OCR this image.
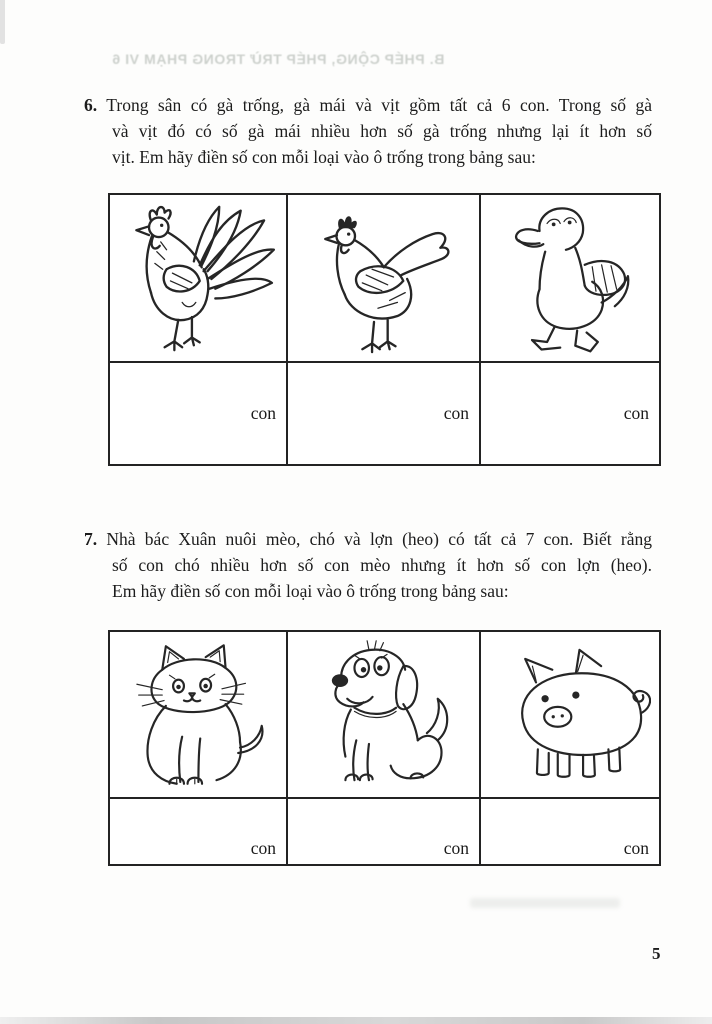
B. PHÉP CỘNG, PHÉP TRỪ TRONG PHẠM VI 6
6. Trong sân có gà trống, gà mái và vịt gồm tất cả 6 con. Trong số gà
và vịt đó có số gà mái nhiều hơn số gà trống nhưng lại ít hơn số
vịt. Em hãy điền số con mỗi loại vào ô trống trong bảng sau:
con	con	con
7. Nhà bác Xuân nuôi mèo, chó và lợn (heo) có tất cả 7 con. Biết rằng
số con chó nhiều hơn số con mèo nhưng ít hơn số con lợn (heo).
Em hãy điền số con mỗi loại vào ô trống trong bảng sau:
con	con	con
5
